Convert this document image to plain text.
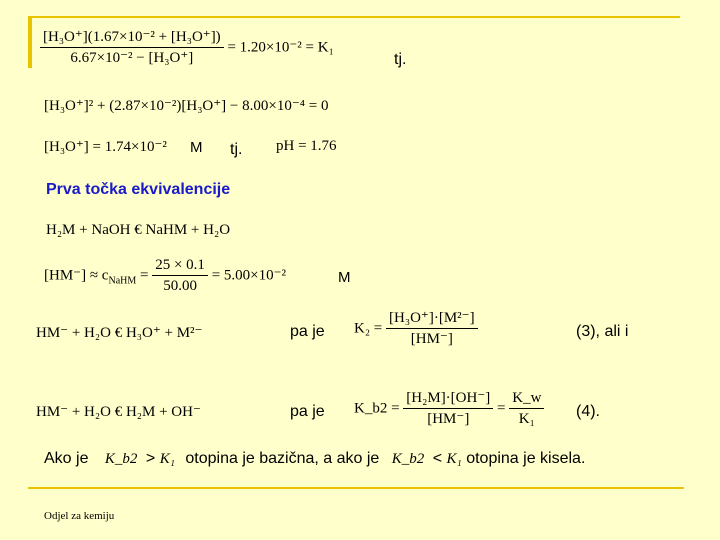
$\frac{\text{[H₃O⁺](1.67×10⁻² + [H₃O⁺])}}{\text{6.67×10⁻² − [H₃O⁺]}} = 1.20\times 10^{-2} = K_1$
tj.
[H₃O⁺]² + (2.87×10⁻²)[H₃O⁺] − 8.00×10⁻⁴ = 0
[H₃O⁺] = 1.74×10⁻² M tj. pH = 1.76
Prva točka ekvivalencije
H₂M + NaOH € NaHM + H₂O
$[HM^-] \approx c_{NaHM} = \frac{25 \times 0.1}{50.00} = 5.00\times 10^{-2}$	M
HM⁻ + H₂O € H₃O⁺ + M²⁻	pa je $K_2 = \frac{\text{[H₃O⁺]·[M²⁻]}}{[HM^-]}$	(3), ali i
HM⁻ + H₂O € H₂M + OH⁻	pa je K_b2 = $\frac{\text{[H₂M]·[OH⁻]}}{[HM^-]} = \frac{K\_w}{\text{K₁}} (4)$.
Ako je K_b2 > K₁ otopina je bazična, a ako je K_b2 < K₁ otopina je kisela.
Odjel za kemiju
